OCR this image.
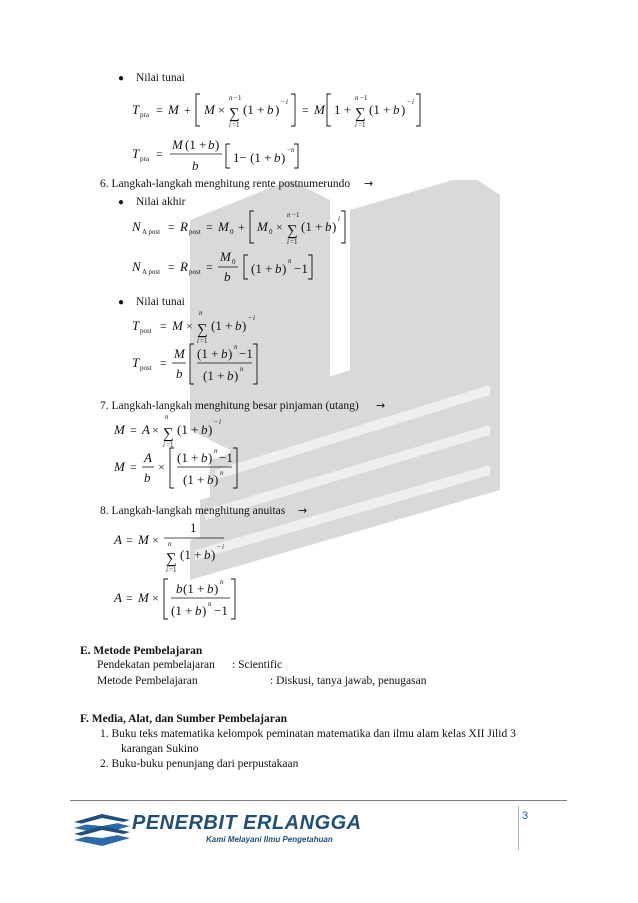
● Nilai tunai
T pra = M + M ×
n −1
∑
i =1
(1 + b ) − i
= M 1 +
n −1
∑
i =1
(1 + b ) − i
T pra =
M (1 + b )
b
1− (1 + b ) − n
6. Langkah-langkah menghitung rente postnumerundo →
● Nilai akhir
N A post = R post = M 0 + M 0 ×
n −1
∑
i =1
(1 + b ) i
N A post = R post =
M 0
b
(1 + b ) n −1
● Nilai tunai
T post = M ×
n
∑
i =1
(1 + b ) − i
T post =
M
b
(1 + b ) n −1
(1 + b ) n
7. Langkah-langkah menghitung besar pinjaman (utang) →
M = A ×
n
∑
i =1
(1 + b ) − i
M =
A
b
×
(1 + b ) n −1
(1 + b ) n
8. Langkah-langkah menghitung anuitas →
A = M ×
1
n
∑
i =1
(1 + b ) − i
A = M ×
b (1 + b ) n
(1 + b ) n −1
E. Metode Pembelajaran
Pendekatan pembelajaran : Scientific
Metode Pembelajaran	: Diskusi, tanya jawab, penugasan
F. Media, Alat, dan Sumber Pembelajaran
1. Buku teks matematika kelompok peminatan matematika dan ilmu alam kelas XII Jilid 3
karangan Sukino
2. Buku-buku penunjang dari perpustakaan
PENERBIT ERLANGGA
Kami Melayani Ilmu Pengetahuan
3
